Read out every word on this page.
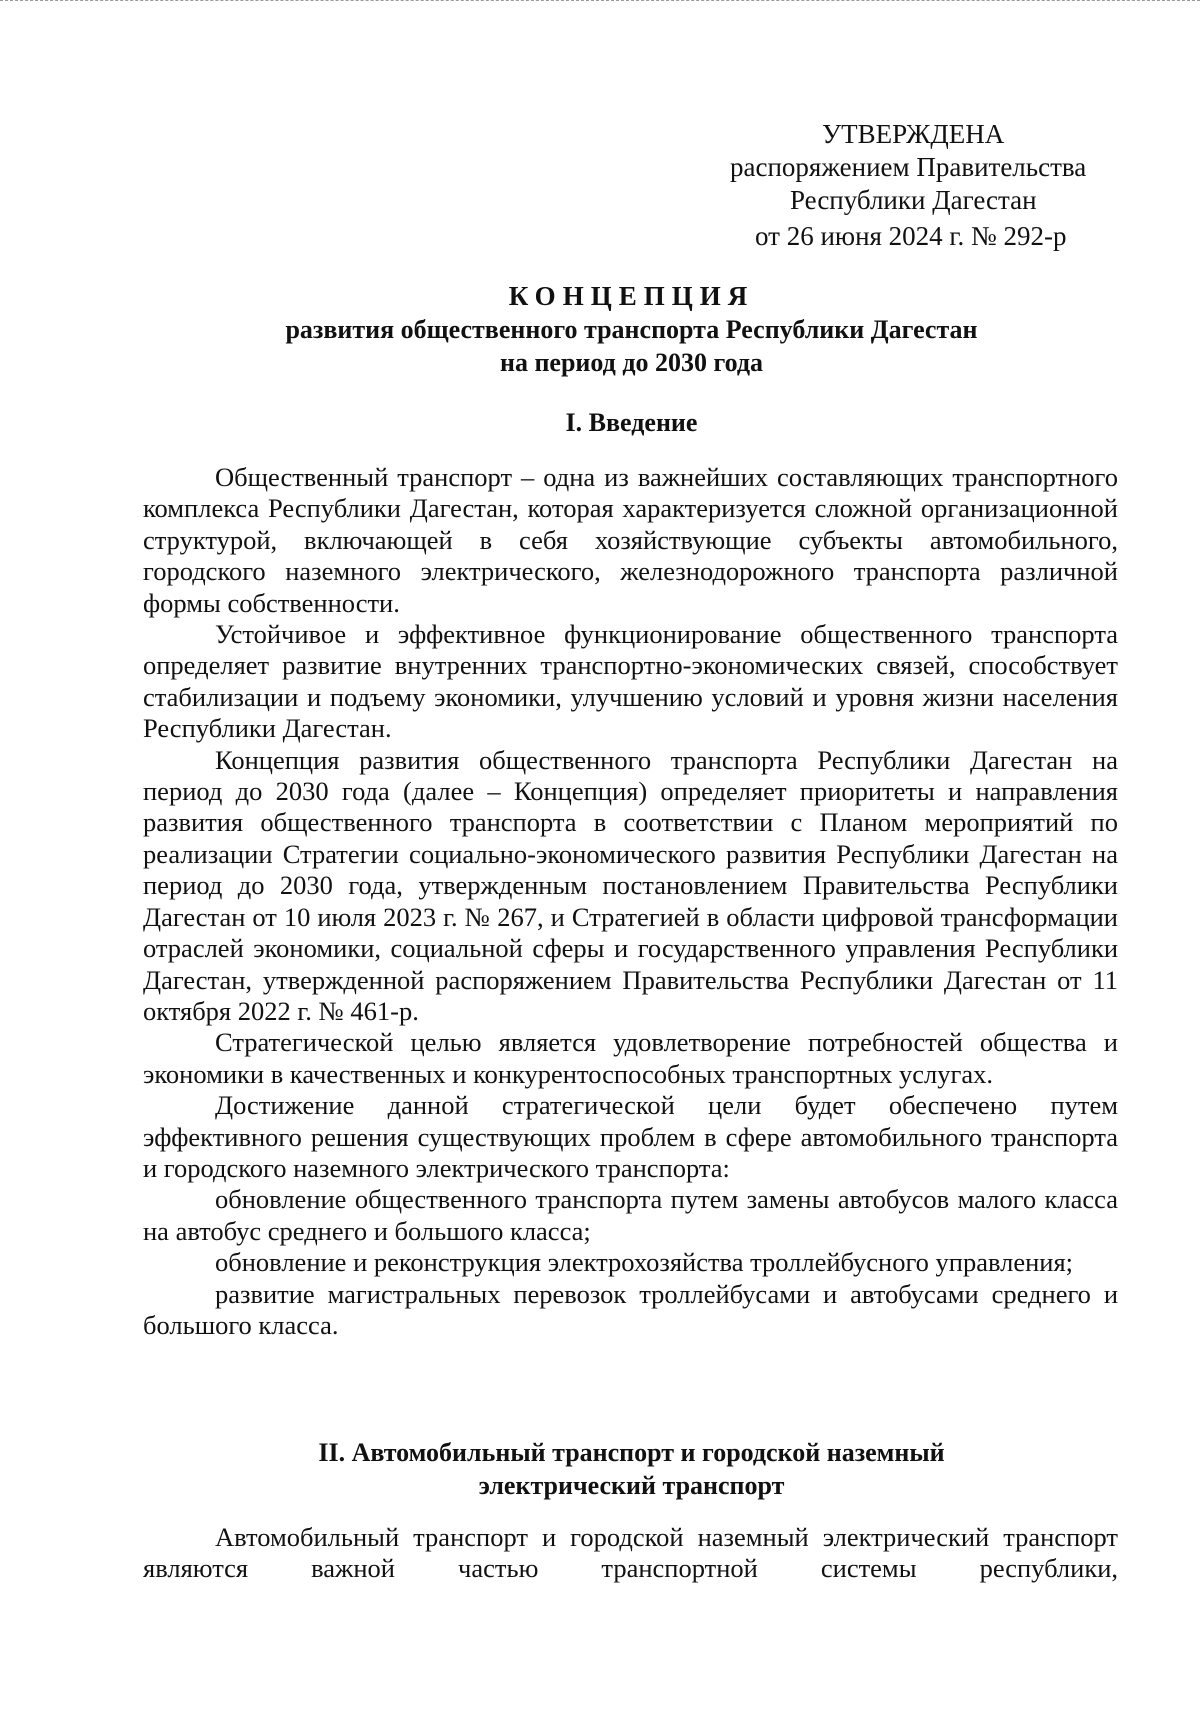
УТВЕРЖДЕНА
распоряжением Правительства
Республики Дагестан
от 26 июня 2024 г. № 292-р
КОНЦЕПЦИЯ
развития общественного транспорта Республики Дагестан
на период до 2030 года
I. Введение

Общественный транспорт – одна из важнейших составляющих транспортного комплекса Республики Дагестан, которая характеризуется сложной организационной структурой, включающей в себя хозяйствующие субъекты автомобильного, городского наземного электрического, железнодорожного транспорта различной формы собственности.

Устойчивое и эффективное функционирование общественного транспорта определяет развитие внутренних транспортно-экономических связей, способствует стабилизации и подъему экономики, улучшению условий и уровня жизни населения Республики Дагестан.

Концепция развития общественного транспорта Республики Дагестан на период до 2030 года (далее – Концепция) определяет приоритеты и направления развития общественного транспорта в соответствии с Планом мероприятий по реализации Стратегии социально-экономического развития Республики Дагестан на период до 2030 года, утвержденным постановлением Правительства Республики Дагестан от 10 июля 2023 г. № 267, и Стратегией в области цифровой трансформации отраслей экономики, социальной сферы и государственного управления Республики Дагестан, утвержденной распоряжением Правительства Республики Дагестан от 11 октября 2022 г. № 461-р.

Стратегической целью является удовлетворение потребностей общества и экономики в качественных и конкурентоспособных транспортных услугах.

Достижение данной стратегической цели будет обеспечено путем эффективного решения существующих проблем в сфере автомобильного транспорта и городского наземного электрического транспорта:

обновление общественного транспорта путем замены автобусов малого класса на автобус среднего и большого класса;

обновление и реконструкция электрохозяйства троллейбусного управления;

развитие магистральных перевозок троллейбусами и автобусами среднего и большого класса.

II. Автомобильный транспорт и городской наземный
электрический транспорт

Автомобильный транспорт и городской наземный электрический транспорт являются важной частью транспортной системы республики,
